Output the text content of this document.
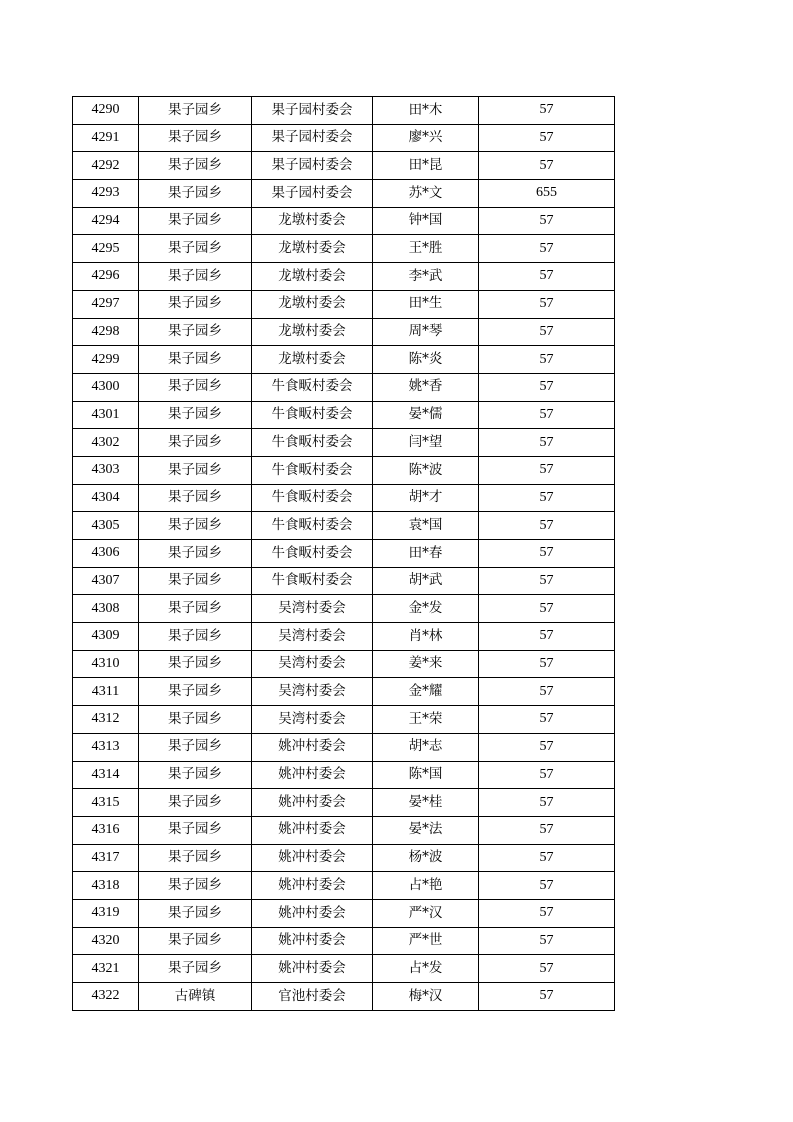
4290	果子园乡	果子园村委会	田*木	57
4291	果子园乡	果子园村委会	廖*兴	57
4292	果子园乡	果子园村委会	田*昆	57
4293	果子园乡	果子园村委会	苏*文	655
4294	果子园乡	龙墩村委会	钟*国	57
4295	果子园乡	龙墩村委会	王*胜	57
4296	果子园乡	龙墩村委会	李*武	57
4297	果子园乡	龙墩村委会	田*生	57
4298	果子园乡	龙墩村委会	周*琴	57
4299	果子园乡	龙墩村委会	陈*炎	57
4300	果子园乡	牛食畈村委会	姚*香	57
4301	果子园乡	牛食畈村委会	晏*儒	57
4302	果子园乡	牛食畈村委会	闫*望	57
4303	果子园乡	牛食畈村委会	陈*波	57
4304	果子园乡	牛食畈村委会	胡*才	57
4305	果子园乡	牛食畈村委会	袁*国	57
4306	果子园乡	牛食畈村委会	田*春	57
4307	果子园乡	牛食畈村委会	胡*武	57
4308	果子园乡	吴湾村委会	金*发	57
4309	果子园乡	吴湾村委会	肖*林	57
4310	果子园乡	吴湾村委会	姜*来	57
4311	果子园乡	吴湾村委会	金*耀	57
4312	果子园乡	吴湾村委会	王*荣	57
4313	果子园乡	姚冲村委会	胡*志	57
4314	果子园乡	姚冲村委会	陈*国	57
4315	果子园乡	姚冲村委会	晏*桂	57
4316	果子园乡	姚冲村委会	晏*法	57
4317	果子园乡	姚冲村委会	杨*波	57
4318	果子园乡	姚冲村委会	占*艳	57
4319	果子园乡	姚冲村委会	严*汉	57
4320	果子园乡	姚冲村委会	严*世	57
4321	果子园乡	姚冲村委会	占*发	57
4322	古碑镇	官池村委会	梅*汉	57
